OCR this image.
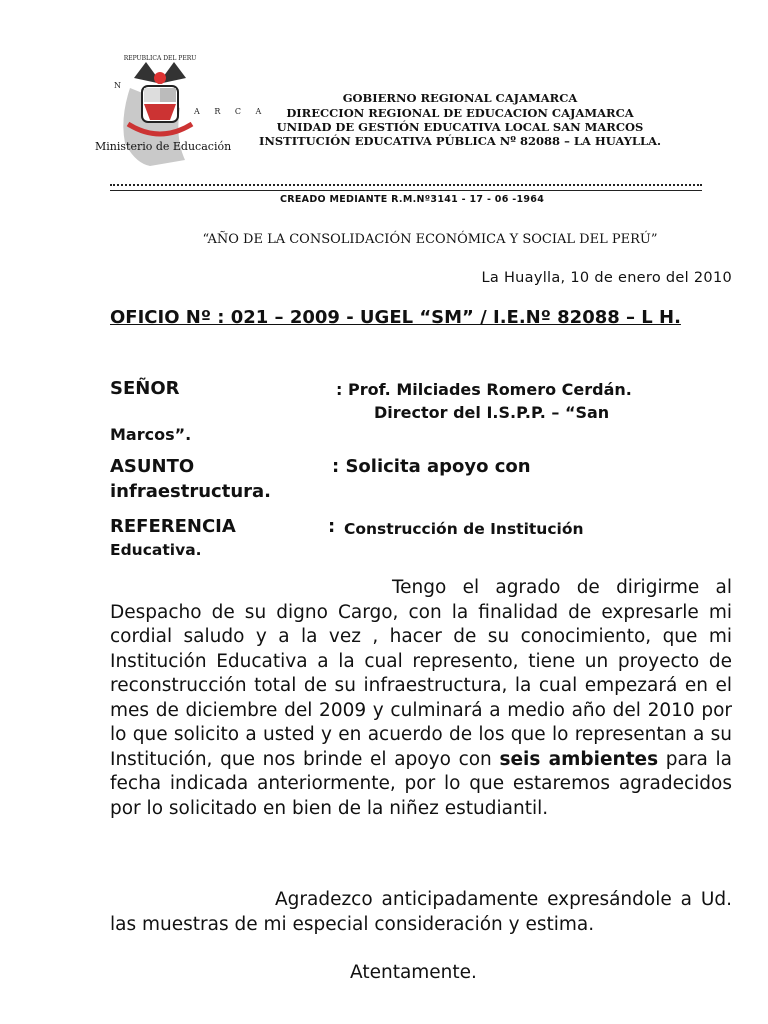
REPUBLICA DEL PERU
N
A R C A
Ministerio de Educación
GOBIERNO REGIONAL CAJAMARCA
DIRECCION REGIONAL DE EDUCACION CAJAMARCA
UNIDAD DE GESTIÓN EDUCATIVA LOCAL SAN MARCOS
INSTITUCIÓN EDUCATIVA PÚBLICA Nº 82088 – LA HUAYLLA.
CREADO MEDIANTE R.M.Nº3141 - 17 - 06 -1964
“AÑO DE LA CONSOLIDACIÓN ECONÓMICA Y SOCIAL DEL PERÚ”
La Huaylla, 10 de enero del 2010
OFICIO Nº : 021 – 2009 - UGEL “SM” / I.E.Nº 82088 – L H.
SEÑOR	: Prof. Milciades Romero Cerdán.
Director del I.S.P.P. – “San
Marcos”.
ASUNTO	: Solicita apoyo con
infraestructura.
REFERENCIA	: Construcción de Institución
Educativa.
Tengo el agrado de dirigirme al Despacho de su digno Cargo, con la finalidad de expresarle mi cordial saludo y a la vez , hacer de su conocimiento, que mi Institución Educativa a la cual represento, tiene un proyecto de reconstrucción total de su infraestructura, la cual empezará en el mes de diciembre del 2009 y culminará a medio año del 2010 por lo que solicito a usted y en acuerdo de los que lo representan a su Institución, que nos brinde el apoyo con seis ambientes para la fecha indicada anteriormente, por lo que estaremos agradecidos por lo solicitado en bien de la niñez estudiantil.
Agradezco anticipadamente expresándole a Ud. las muestras de mi especial consideración y estima.
Atentamente.
